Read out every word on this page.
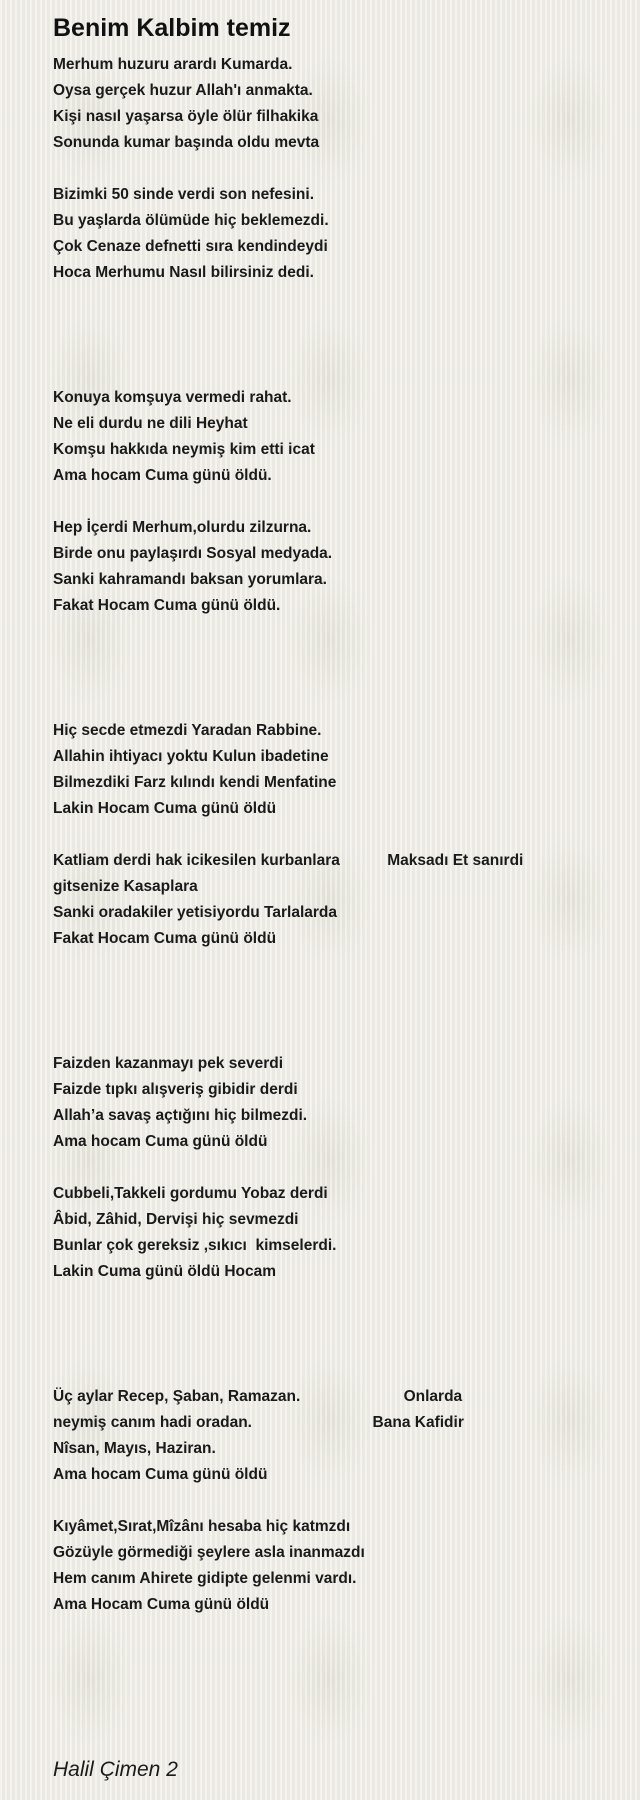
Benim Kalbim temiz
Merhum huzuru arardı Kumarda.
Oysa gerçek huzur Allah'ı anmakta.
Kişi nasıl yaşarsa öyle ölür filhakika
Sonunda kumar başında oldu mevta
Bizimki 50 sinde verdi son nefesini.
Bu yaşlarda ölümüde hiç beklemezdi.
Çok Cenaze defnetti sıra kendindeydi
Hoca Merhumu Nasıl bilirsiniz dedi.
Konuya komşuya vermedi rahat.
Ne eli durdu ne dili Heyhat
Komşu hakkıda neymiş kim etti icat
Ama hocam Cuma günü öldü.
Hep İçerdi Merhum,olurdu zilzurna.
Birde onu paylaşırdı Sosyal medyada.
Sanki kahramandı baksan yorumlara.
Fakat Hocam Cuma günü öldü.
Hiç secde etmezdi Yaradan Rabbine.
Allahin ihtiyacı yoktu Kulun ibadetine
Bilmezdiki Farz kılındı kendi Menfatine
Lakin Hocam Cuma günü öldü
Katliam derdi hak icikesilen kurbanlara           Maksadı Et sanırdi
gitsenize Kasaplara
Sanki oradakiler yetisiyordu Tarlalarda
Fakat Hocam Cuma günü öldü
Faizden kazanmayı pek severdi
Faizde tıpkı alışveriş gibidir derdi
Allah’a savaş açtığını hiç bilmezdi.
Ama hocam Cuma günü öldü
Cubbeli,Takkeli gordumu Yobaz derdi
Âbid, Zâhid, Dervişi hiç sevmezdi
Bunlar çok gereksiz ,sıkıcı  kimselerdi.
Lakin Cuma günü öldü Hocam
Üç aylar Recep, Şaban, Ramazan.                        Onlarda
neymiş canım hadi oradan.                            Bana Kafidir
Nîsan, Mayıs, Haziran.
Ama hocam Cuma günü öldü
Kıyâmet,Sırat,Mîzânı hesaba hiç katmzdı
Gözüyle görmediği şeylere asla inanmazdı
Hem canım Ahirete gidipte gelenmi vardı.
Ama Hocam Cuma günü öldü
Halil Çimen 2
